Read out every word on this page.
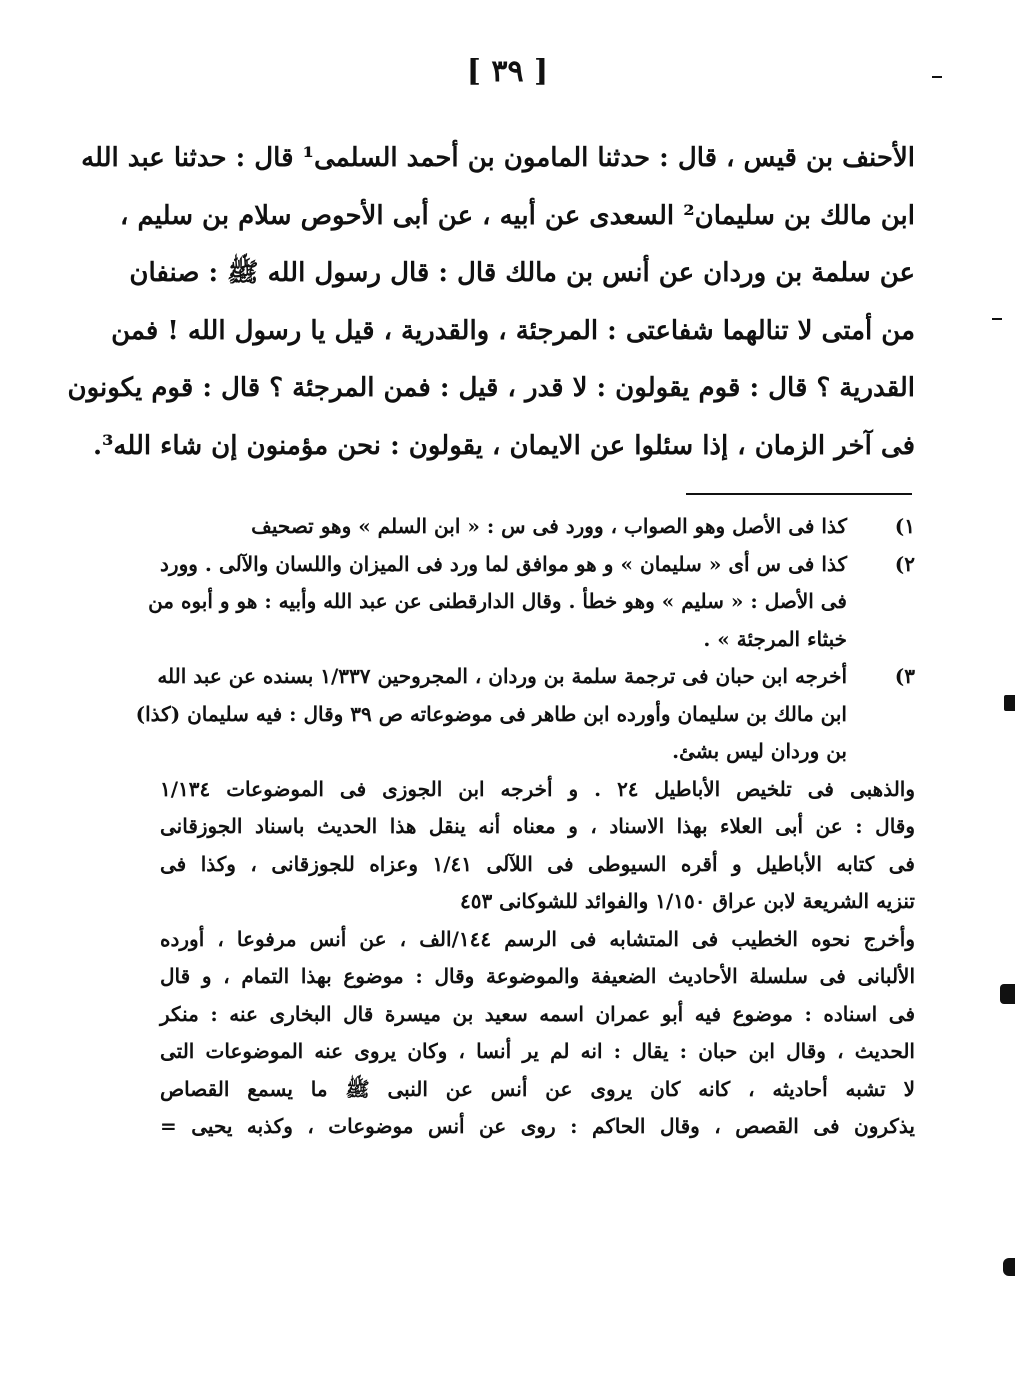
[ ٣٩ ]
الأحنف بن قيس ، قال : حدثنا المامون بن أحمد السلمى¹ قال : حدثنا عبد الله
ابن مالك بن سليمان² السعدى عن أبيه ، عن أبى الأحوص سلام بن سليم ،
عن سلمة بن وردان عن أنس بن مالك قال : قال رسول الله ﷺ : صنفان
من أمتى لا تنالهما شفاعتى : المرجئة ، والقدرية ، قيل يا رسول الله ! فمن
القدرية ؟ قال : قوم يقولون : لا قدر ، قيل : فمن المرجئة ؟ قال : قوم يكونون
فى آخر الزمان ، إذا سئلوا عن الايمان ، يقولون : نحن مؤمنون إن شاء الله³.
١)
كذا فى الأصل وهو الصواب ، وورد فى س : « ابن السلم » وهو تصحيف
٢)
كذا فى س أى « سليمان » و هو موافق لما ورد فى الميزان واللسان والآلى . وورد
فى الأصل : « سليم » وهو خطأ . وقال الدارقطنى عن عبد الله وأبيه : هو و أبوه من
خبثاء المرجئة » .
٣)
أخرجه ابن حبان فى ترجمة سلمة بن وردان ، المجروحين ١/٣٣٧ بسنده عن عبد الله
ابن مالك بن سليمان وأورده ابن طاهر فى موضوعاته ص ٣٩ وقال : فيه سليمان (كذا)
بن وردان ليس بشئ.
والذهبى فى تلخيص الأباطيل ٢٤ . و أخرجه ابن الجوزى فى الموضوعات ١/١٣٤
وقال : عن أبى العلاء بهذا الاسناد ، و معناه أنه ينقل هذا الحديث باسناد الجوزقانى
فى كتابه الأباطيل و أقره السيوطى فى اللآلى ١/٤١ وعزاه للجوزقانى ، وكذا فى
تنزيه الشريعة لابن عراق ١/١٥٠ والفوائد للشوكانى ٤٥٣
وأخرج نحوه الخطيب فى المتشابه فى الرسم ١٤٤/الف ، عن أنس مرفوعا ، أورده
الألبانى فى سلسلة الأحاديث الضعيفة والموضوعة وقال : موضوع بهذا التمام ، و قال
فى اسناده : موضوع فيه أبو عمران اسمه سعيد بن ميسرة قال البخارى عنه : منكر
الحديث ، وقال ابن حبان : يقال : انه لم ير أنسا ، وكان يروى عنه الموضوعات التى
لا تشبه أحاديثه ، كانه كان يروى عن أنس عن النبى ﷺ ما يسمع القصاص
يذكرون فى القصص ، وقال الحاكم : روى عن أنس موضوعات ، وكذبه يحيى =
